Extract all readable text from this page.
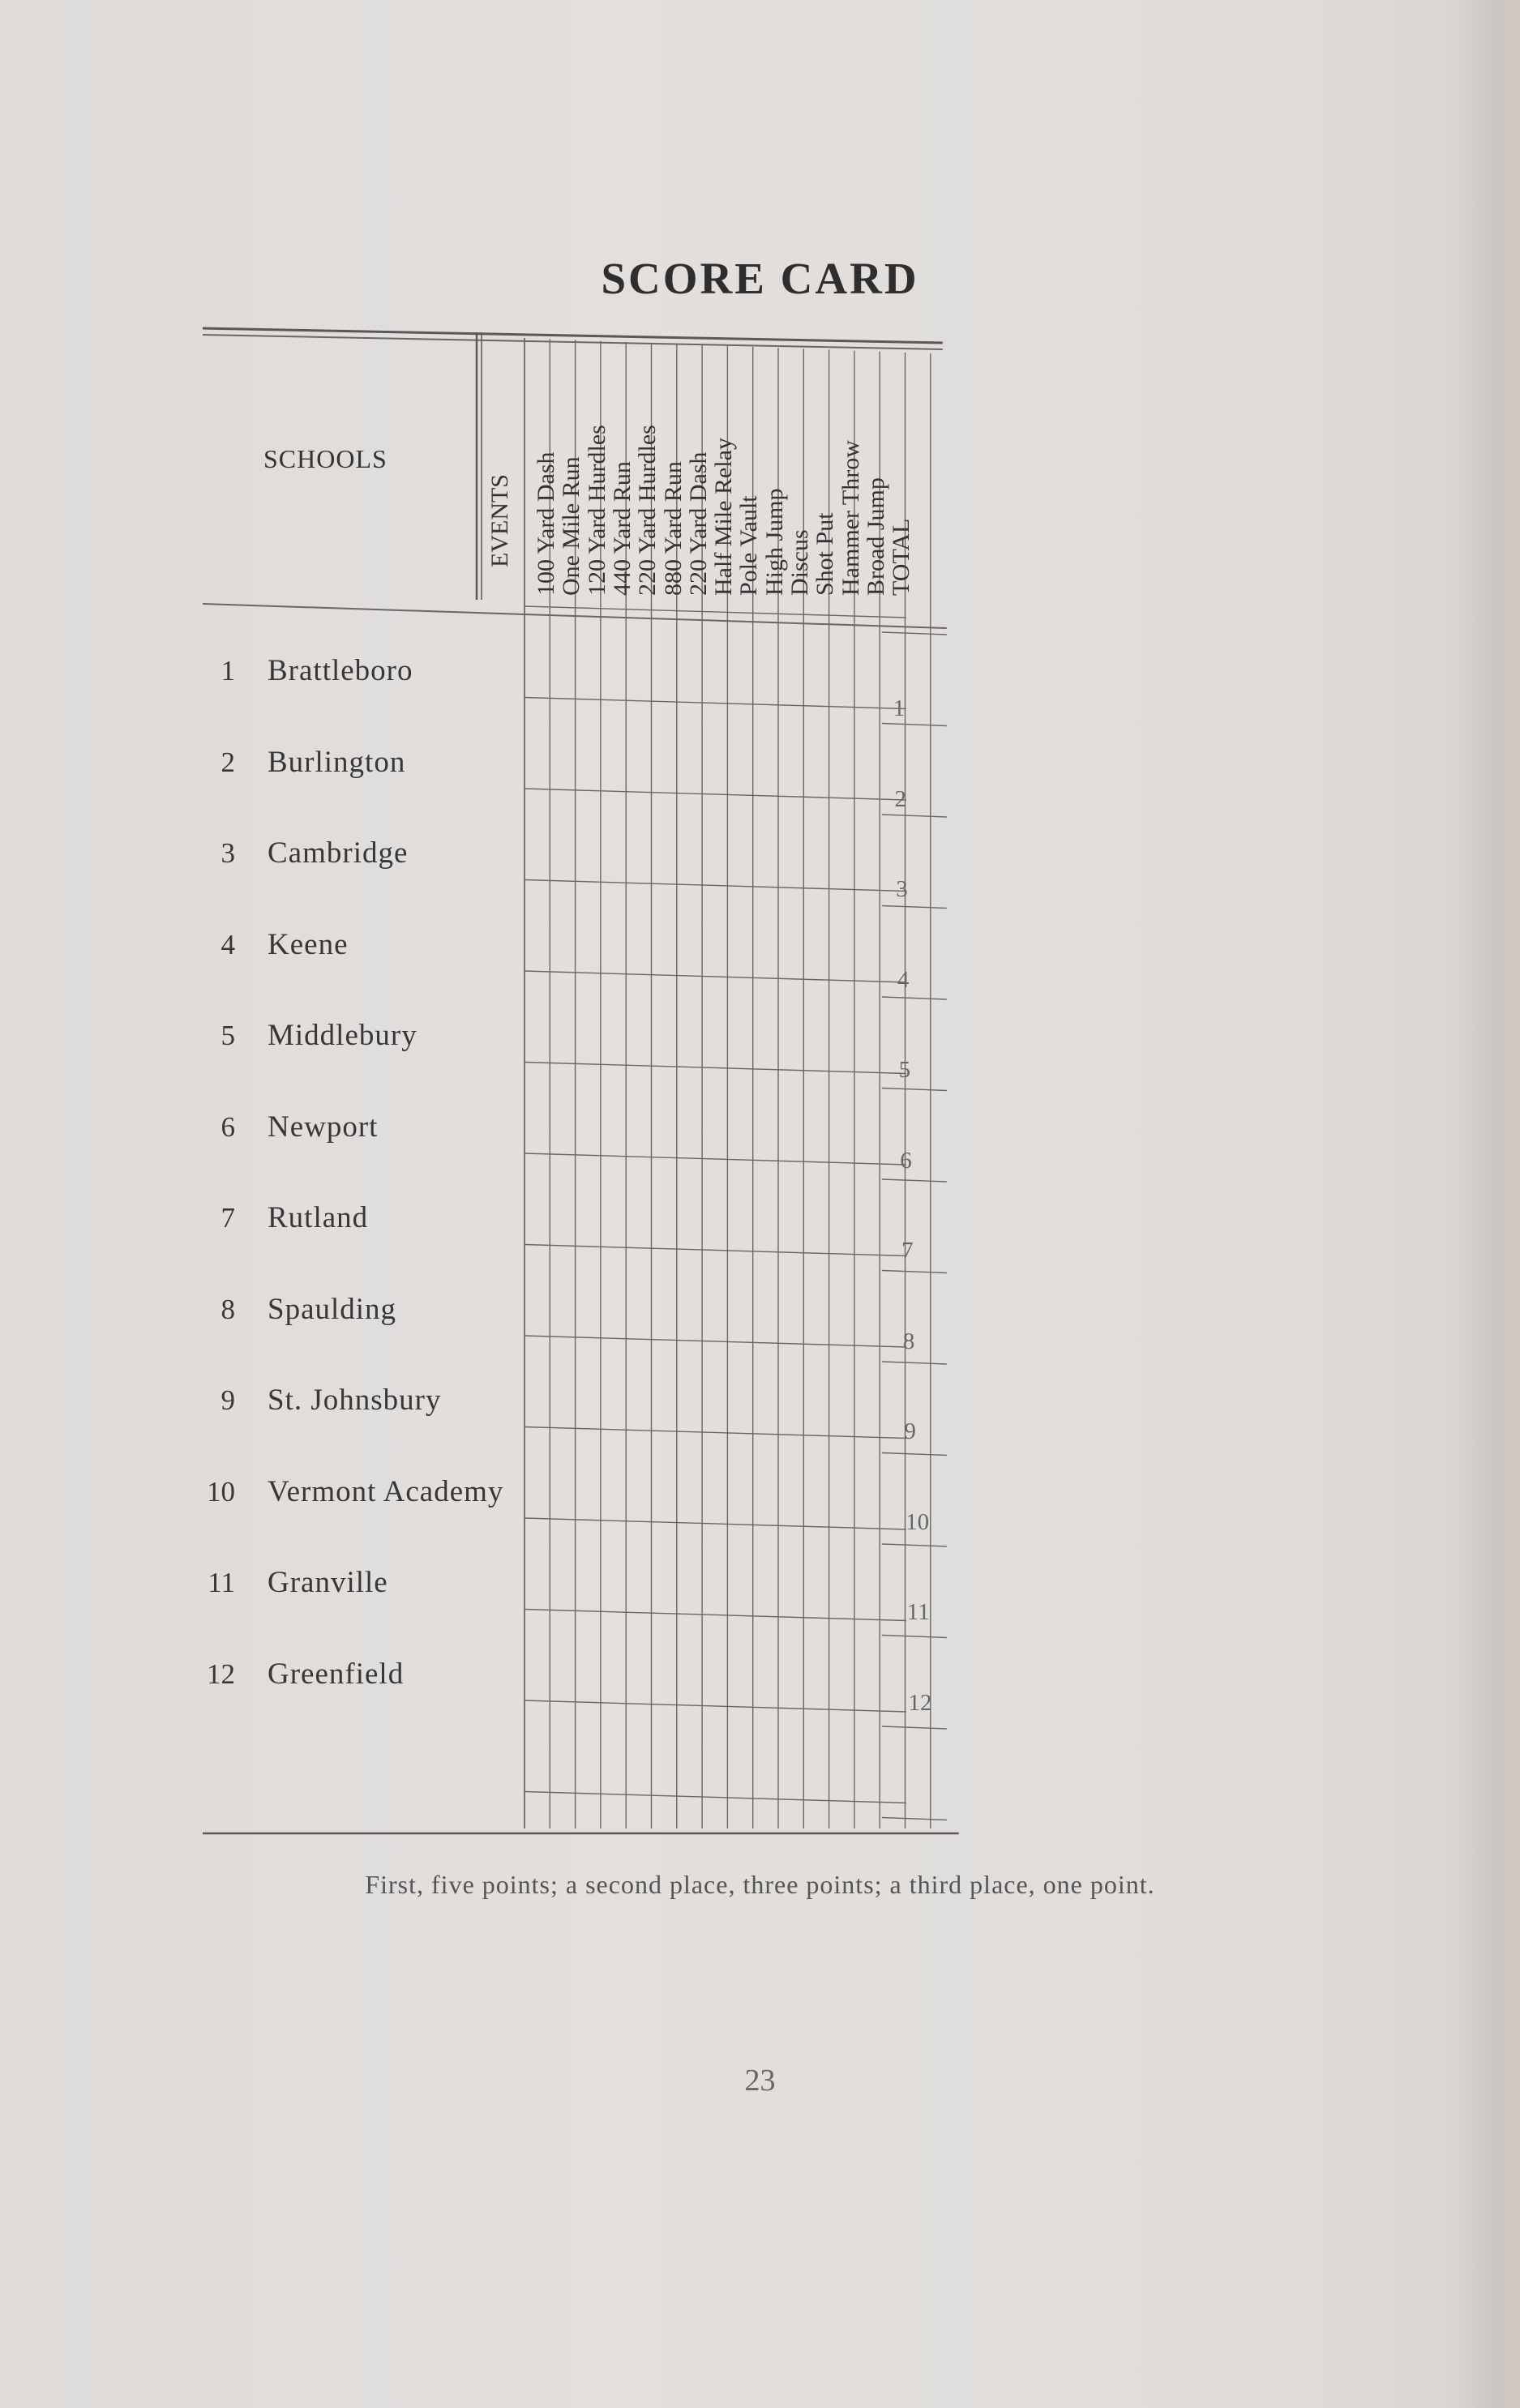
SCORE CARD
SCHOOLS
EVENTS 100 Yard Dash
One Mile Run
120 Yard Hurdles
440 Yard Run
220 Yard Hurdles
880 Yard Run
220 Yard Dash
Half Mile Relay
Pole Vault
High Jump
Discus
Shot Put
Hammer Throw
Broad Jump
TOTAL
1 Brattleboro
2 Burlington
3 Cambridge
4 Keene
5 Middlebury
6 Newport
7 Rutland
8 Spaulding
9 St. Johnsbury
10 Vermont Academy
11 Granville
12 Greenfield
1
2
3
4
5
6
7
8
9
10
11
12
First, five points; a second place, three points; a third place, one point.
23
